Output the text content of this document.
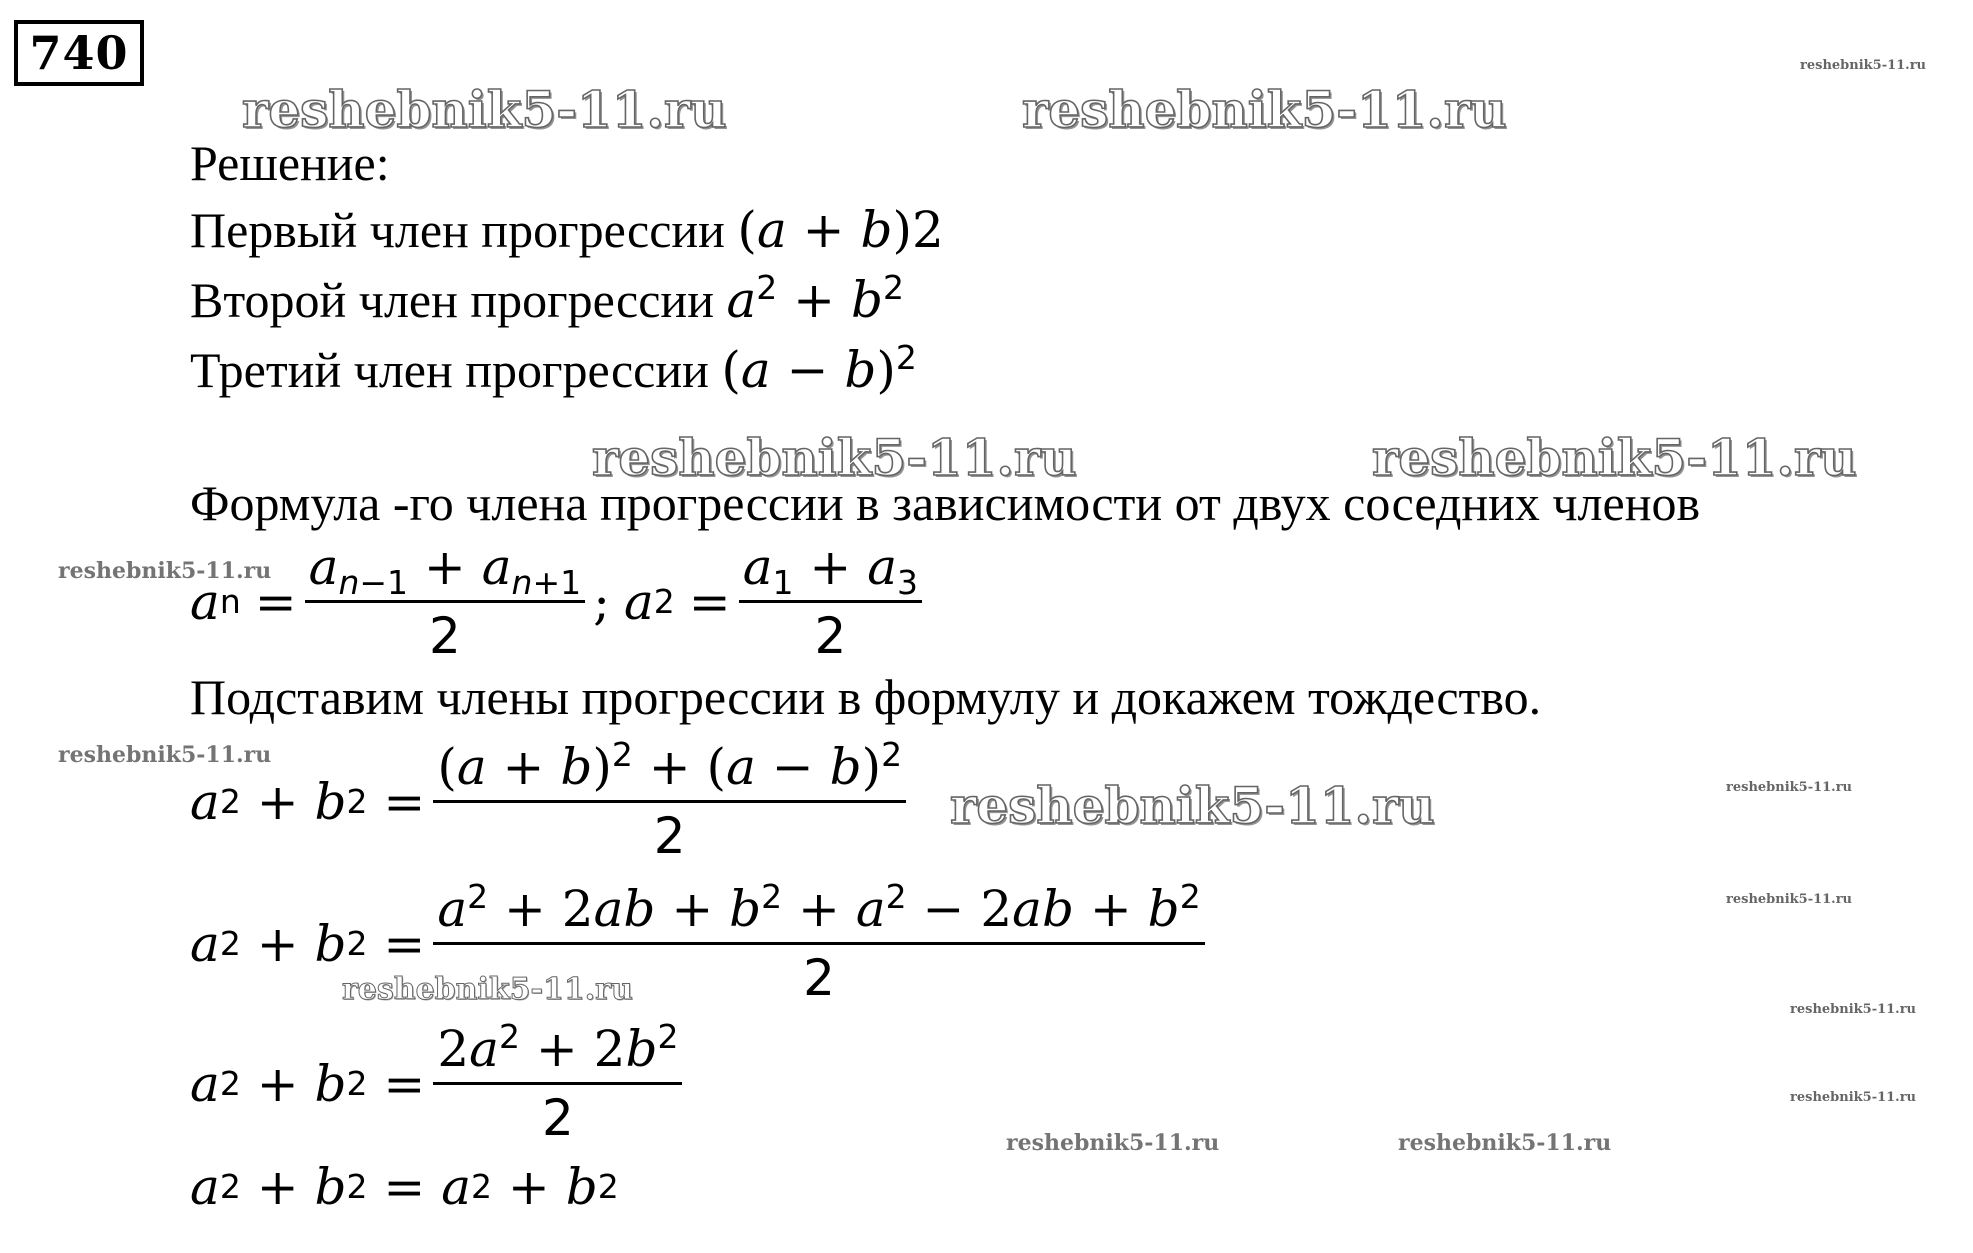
740
reshebnik5-11.ru	reshebnik5-11.ru
reshebnik5-11.ru
reshebnik5-11.ru	reshebnik5-11.ru
reshebnik5-11.ru
reshebnik5-11.ru
reshebnik5-11.ru	reshebnik5-11.ru
reshebnik5-11.ru
reshebnik5-11.ru
reshebnik5-11.ru
reshebnik5-11.ru
reshebnik5-11.ru	reshebnik5-11.ru
Решение:
Первый член прогрессии (a + b)2
Второй член прогрессии $a^2 + b^2$
Третий член прогрессии $(a - b)^2$
Формула -го члена прогрессии в зависимости от двух соседних членов
a $n = \frac{a_{n-1} + a_{n+1}}{2}$ ; a $2 = \frac{a_1 + a_3}{2}$
Подставим члены прогрессии в формулу и докажем тождество.
a 2 + b $2 = \frac{(a + b)^2 + (a - b)^2}{2}$
a 2 + b $2 = \frac{a^2 + 2ab + b^2 + a^2 - 2ab + b^2}{2}$
a 2 + b $2 = \frac{2a^2 + 2b^2}{2}$
a 2 + b 2 = a 2 + b 2
